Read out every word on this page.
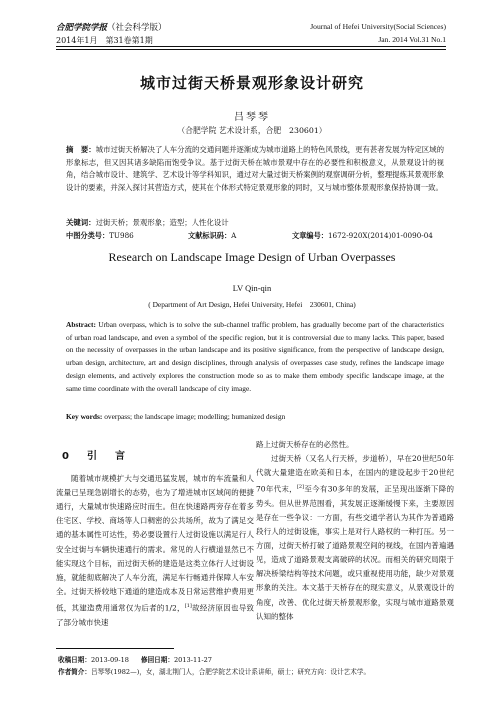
合肥学院学报（社会科学版）
2014年1月　第31卷第1期
Journal of Hefei University(Social Sciences)
Jan. 2014 Vol.31 No.1
城市过街天桥景观形象设计研究
吕琴琴
（合肥学院 艺术设计系，合肥　230601）
摘　要：城市过街天桥解决了人车分流的交通问题并逐渐成为城市道路上的特色风景线，更有甚者发展为特定区域的形象标志，但又因其诸多缺陷而饱受争议。基于过街天桥在城市景观中存在的必要性和积极意义，从景观设计的视角，结合城市设计、建筑学、艺术设计等学科知识，通过对大量过街天桥案例的观察调研分析，整理提炼其景观形象设计的要素，并深入探讨其营造方式，使其在个体形式特定景观形象的同时，又与城市整体景观形象保持协调一致。
关键词：过街天桥；景观形象；造型；人性化设计
中图分类号： TU986	文献标识码： A	文章编号： 1672-920X(2014)01-0090-04
Research on Landscape Image Design of Urban Overpasses
LV Qin-qin
( Department of Art Design, Hefei University, Hefei　230601, China)
Abstract: Urban overpass, which is to solve the sub-channel traffic problem, has gradually become part of the characteristics of urban road landscape, and even a symbol of the specific region, but it is controversial due to many lacks. This paper, based on the necessity of overpasses in the urban landscape and its positive significance, from the perspective of landscape design, urban design, architecture, art and design disciplines, through analysis of overpasses case study, refines the landscape image design elements, and actively explores the construction mode so as to make them embody specific landscape image, at the same time coordinate with the overall landscape of city image.
Key words: overpass; the landscape image; modelling; humanized design
0　引　言

随着城市规模扩大与交通迅猛发展，城市的车流量和人流量已呈现急剧增长的态势，也为了增进城市区域间的便捷通行，大量城市快速路应时而生。但在快速路两旁存在着多住宅区、学校、商场等人口稠密的公共场所，故为了满足交通的基本属性可达性，势必要设置行人过街设施以满足行人安全过街与车辆快速通行的需求。常见的人行横道显然已不能实现这个目标，而过街天桥的建造是这类立体行人过街设施，就能彻底解决了人车分流，满足车行畅通并保障人车安全。过街天桥较地下通道的建造成本及日常运营维护费用更低，其建造费用通常仅为后者的1/2，[1]故经济原因也导致了部分城市快速

路上过街天桥存在的必然性。

过街天桥（又名人行天桥，步道桥），早在20世纪50年代就大量建造在欧美和日本，在国内的建设起步于20世纪70年代末，[2]至今有30多年的发展，正呈现出逐渐下降的势头。但从世界范围看，其发展正逐渐缓慢下来，主要原因是存在一些争议：一方面，有些交通学者认为其作为普通路段行人的过街设施，事实上是对行人路权的一种打压。另一方面，过街天桥打破了道路景观空间的视线，在国内普遍遇见，造成了道路景观支离破碎的状况。而相关的研究局限于解决桥梁结构等技术问题，或只重视使用功能，缺少对景观形象的关注。本文基于天桥存在的现实意义，从景观设计的角度，改善、优化过街天桥景观形象，实现与城市道路景观认知的整体

收稿日期：2013-09-18 修回日期：2013-11-27
作者简介：吕琴琴(1982—)，女，湖北荆门人，合肥学院艺术设计系讲师，硕士；研究方向：设计艺术学。
